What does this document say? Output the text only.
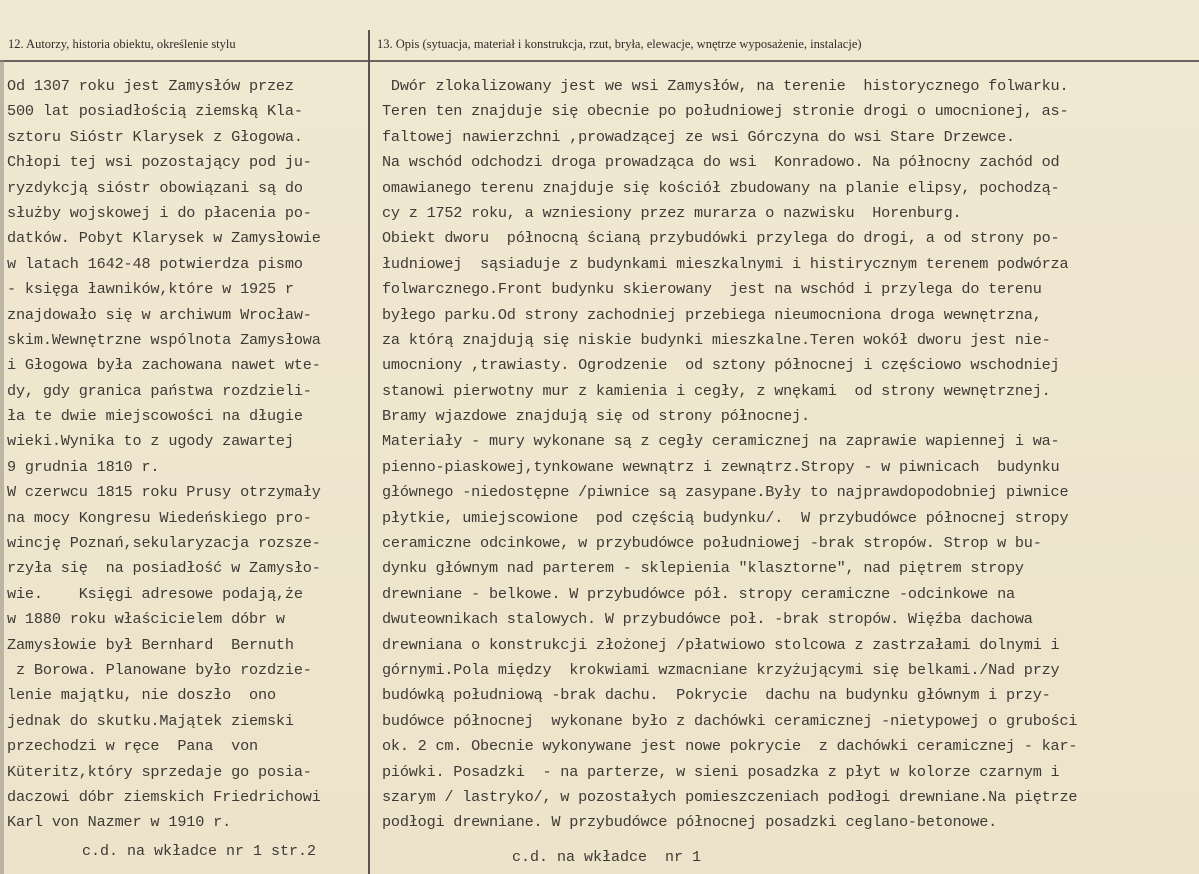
12. Autorzy, historia obiektu, określenie stylu	13. Opis (sytuacja, materiał i konstrukcja, rzut, bryła, elewacje, wnętrze wyposażenie, instalacje)
Od 1307 roku jest Zamysłów przez
500 lat posiadłością ziemską Kla-
sztoru Sióstr Klarysek z Głogowa.
Chłopi tej wsi pozostający pod ju-
ryzdykcją sióstr obowiązani są do
służby wojskowej i do płacenia po-
datków. Pobyt Klarysek w Zamysłowie
w latach 1642-48 potwierdza pismo
- księga ławników,które w 1925 r
znajdowało się w archiwum Wrocław-
skim.Wewnętrzne wspólnota Zamysłowa
i Głogowa była zachowana nawet wte-
dy, gdy granica państwa rozdzieli-
ła te dwie miejscowości na długie
wieki.Wynika to z ugody zawartej
9 grudnia 1810 r.
W czerwcu 1815 roku Prusy otrzymały
na mocy Kongresu Wiedeńskiego pro-
wincję Poznań,sekularyzacja rozsze-
rzyła się  na posiadłość w Zamysło-
wie.    Księgi adresowe podają,że
w 1880 roku właścicielem dóbr w
Zamysłowie był Bernhard  Bernuth
z Borowa. Planowane było rozdzie-
lenie majątku, nie doszło  ono
jednak do skutku.Majątek ziemski
przechodzi w ręce  Pana  von
Küteritz,który sprzedaje go posia-
daczowi dóbr ziemskich Friedrichowi
Karl von Nazmer w 1910 r.
Dwór zlokalizowany jest we wsi Zamysłów, na terenie  historycznego folwarku.
Teren ten znajduje się obecnie po południowej stronie drogi o umocnionej, as-
faltowej nawierzchni ,prowadzącej ze wsi Górczyna do wsi Stare Drzewce.
Na wschód odchodzi droga prowadząca do wsi  Konradowo. Na północny zachód od
omawianego terenu znajduje się kościół zbudowany na planie elipsy, pochodzą-
cy z 1752 roku, a wzniesiony przez murarza o nazwisku  Horenburg.
Obiekt dworu  północną ścianą przybudówki przylega do drogi, a od strony po-
łudniowej  sąsiaduje z budynkami mieszkalnymi i histirycznym terenem podwórza
folwarcznego.Front budynku skierowany  jest na wschód i przylega do terenu
byłego parku.Od strony zachodniej przebiega nieumocniona droga wewnętrzna,
za którą znajdują się niskie budynki mieszkalne.Teren wokół dworu jest nie-
umocniony ,trawiasty. Ogrodzenie  od sztony północnej i częściowo wschodniej
stanowi pierwotny mur z kamienia i cegły, z wnękami  od strony wewnętrznej.
Bramy wjazdowe znajdują się od strony północnej.
Materiały - mury wykonane są z cegły ceramicznej na zaprawie wapiennej i wa-
pienno-piaskowej,tynkowane wewnątrz i zewnątrz.Stropy - w piwnicach  budynku
głównego -niedostępne /piwnice są zasypane.Były to najprawdopodobniej piwnice
płytkie, umiejscowione  pod częścią budynku/.  W przybudówce północnej stropy
ceramiczne odcinkowe, w przybudówce południowej -brak stropów. Strop w bu-
dynku głównym nad parterem - sklepienia "klasztorne", nad piętrem stropy
drewniane - belkowe. W przybudówce pół. stropy ceramiczne -odcinkowe na
dwuteownikach stalowych. W przybudówce poł. -brak stropów. Więźba dachowa
drewniana o konstrukcji złożonej /płatwiowo stolcowa z zastrzałami dolnymi i
górnymi.Pola między  krokwiami wzmacniane krzyżującymi się belkami./Nad przy
budówką południową -brak dachu.  Pokrycie  dachu na budynku głównym i przy-
budówce północnej  wykonane było z dachówki ceramicznej -nietypowej o grubości
ok. 2 cm. Obecnie wykonywane jest nowe pokrycie  z dachówki ceramicznej - kar-
piówki. Posadzki  - na parterze, w sieni posadzka z płyt w kolorze czarnym i
szarym / lastryko/, w pozostałych pomieszczeniach podłogi drewniane.Na piętrze
podłogi drewniane. W przybudówce północnej posadzki ceglano-betonowe.
c.d. na wkładce nr 1 str.2	c.d. na wkładce  nr 1
